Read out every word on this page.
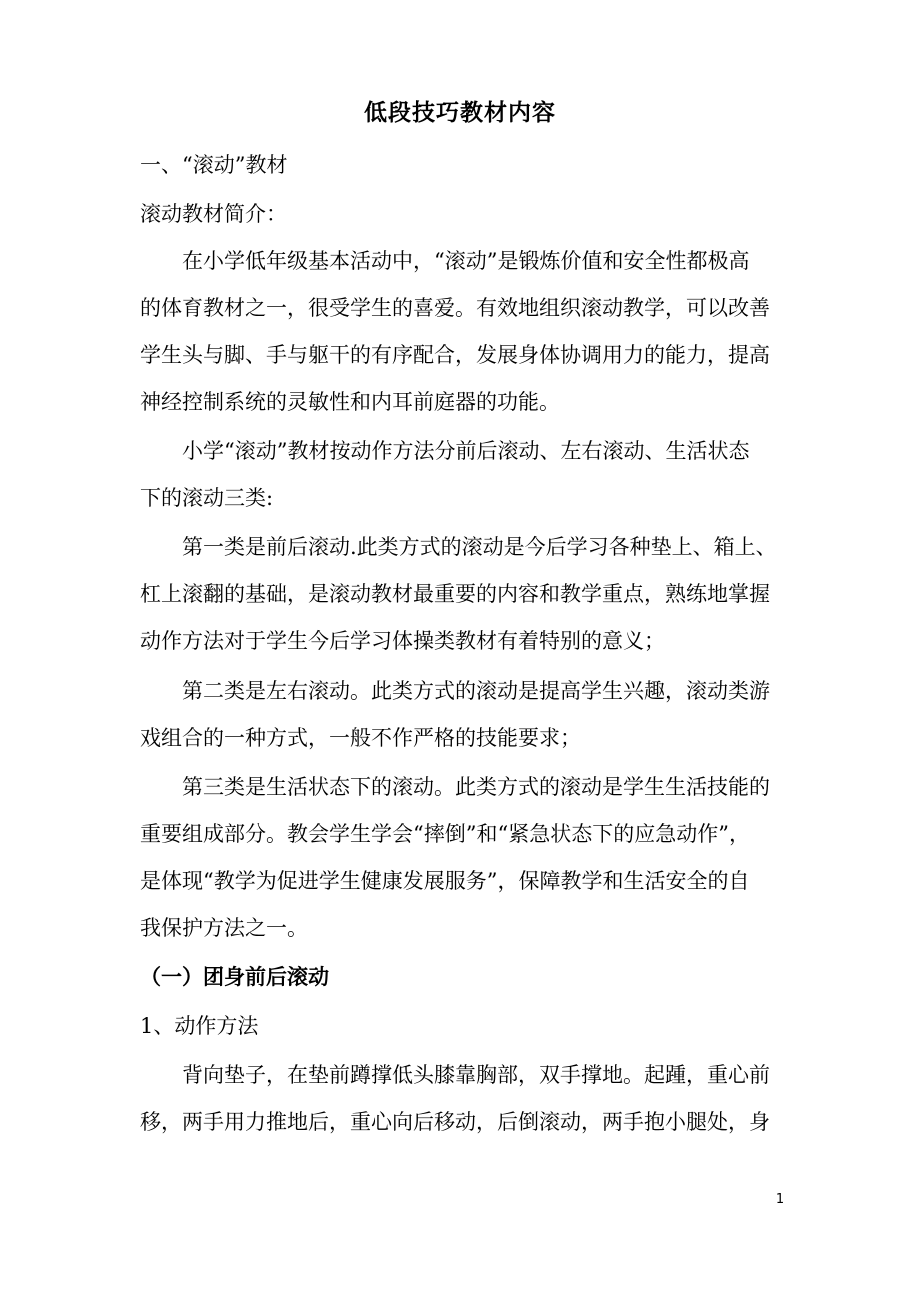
低段技巧教材内容
一、“滚动”教材
滚动教材简介：
在小学低年级基本活动中，“滚动”是锻炼价值和安全性都极高
的体育教材之一，很受学生的喜爱。有效地组织滚动教学，可以改善
学生头与脚、手与躯干的有序配合，发展身体协调用力的能力，提高
神经控制系统的灵敏性和内耳前庭器的功能。
小学“滚动”教材按动作方法分前后滚动、左右滚动、生活状态
下的滚动三类:
第一类是前后滚动.此类方式的滚动是今后学习各种垫上、箱上、
杠上滚翻的基础，是滚动教材最重要的内容和教学重点，熟练地掌握
动作方法对于学生今后学习体操类教材有着特别的意义；
第二类是左右滚动。此类方式的滚动是提高学生兴趣，滚动类游
戏组合的一种方式，一般不作严格的技能要求；
第三类是生活状态下的滚动。此类方式的滚动是学生生活技能的
重要组成部分。教会学生学会“摔倒”和“紧急状态下的应急动作”，
是体现“教学为促进学生健康发展服务”，保障教学和生活安全的自
我保护方法之一。
（一）团身前后滚动
1、动作方法
背向垫子，在垫前蹲撑低头膝靠胸部，双手撑地。起踵，重心前
移，两手用力推地后，重心向后移动，后倒滚动，两手抱小腿处，身
1
